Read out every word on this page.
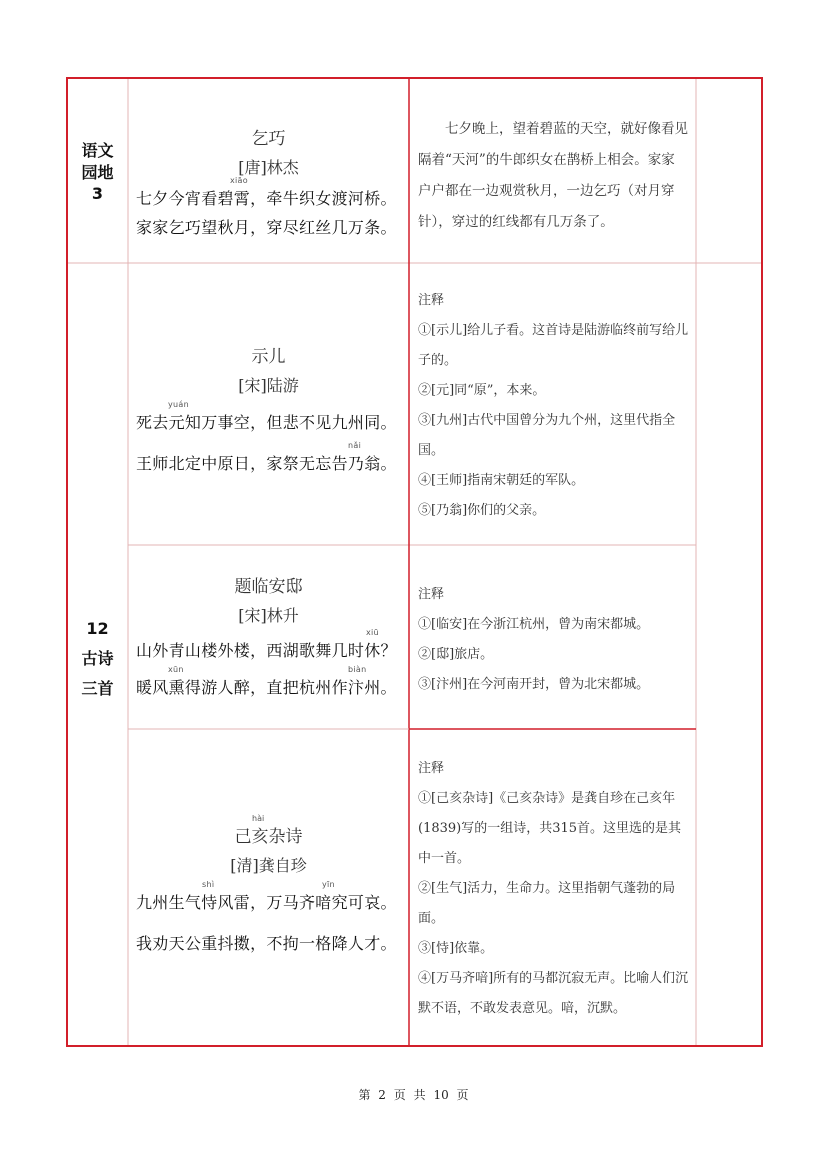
语文
园地
3
乞巧
[唐]林杰
xiāo
七夕今宵看碧霄，牵牛织女渡河桥。
家家乞巧望秋月，穿尽红丝几万条。
七夕晚上，望着碧蓝的天空，就好像看见隔着“天河”的牛郎织女在鹊桥上相会。家家户户都在一边观赏秋月，一边乞巧（对月穿针），穿过的红线都有几万条了。
12
古诗
三首
示儿
[宋]陆游
yuán
死去元知万事空，但悲不见九州同。
nǎi
王师北定中原日，家祭无忘告乃翁。
注释
①[示儿]给儿子看。这首诗是陆游临终前写给儿子的。
②[元]同“原”，本来。
③[九州]古代中国曾分为九个州，这里代指全国。
④[王师]指南宋朝廷的军队。
⑤[乃翁]你们的父亲。
题临安邸
[宋]林升
xiū
山外青山楼外楼，西湖歌舞几时休？
xūn	biàn
暖风熏得游人醉，直把杭州作汴州。
注释
①[临安]在今浙江杭州，曾为南宋都城。
②[邸]旅店。
③[汴州]在今河南开封，曾为北宋都城。
hài
己亥杂诗
[清]龚自珍
shì	yīn
九州生气恃风雷，万马齐喑究可哀。
我劝天公重抖擞，不拘一格降人才。
注释
①[己亥杂诗]《己亥杂诗》是龚自珍在己亥年(1839)写的一组诗，共315首。这里选的是其中一首。
②[生气]活力，生命力。这里指朝气蓬勃的局面。
③[恃]依靠。
④[万马齐喑]所有的马都沉寂无声。比喻人们沉默不语，不敢发表意见。喑，沉默。
第 2 页 共 10 页
